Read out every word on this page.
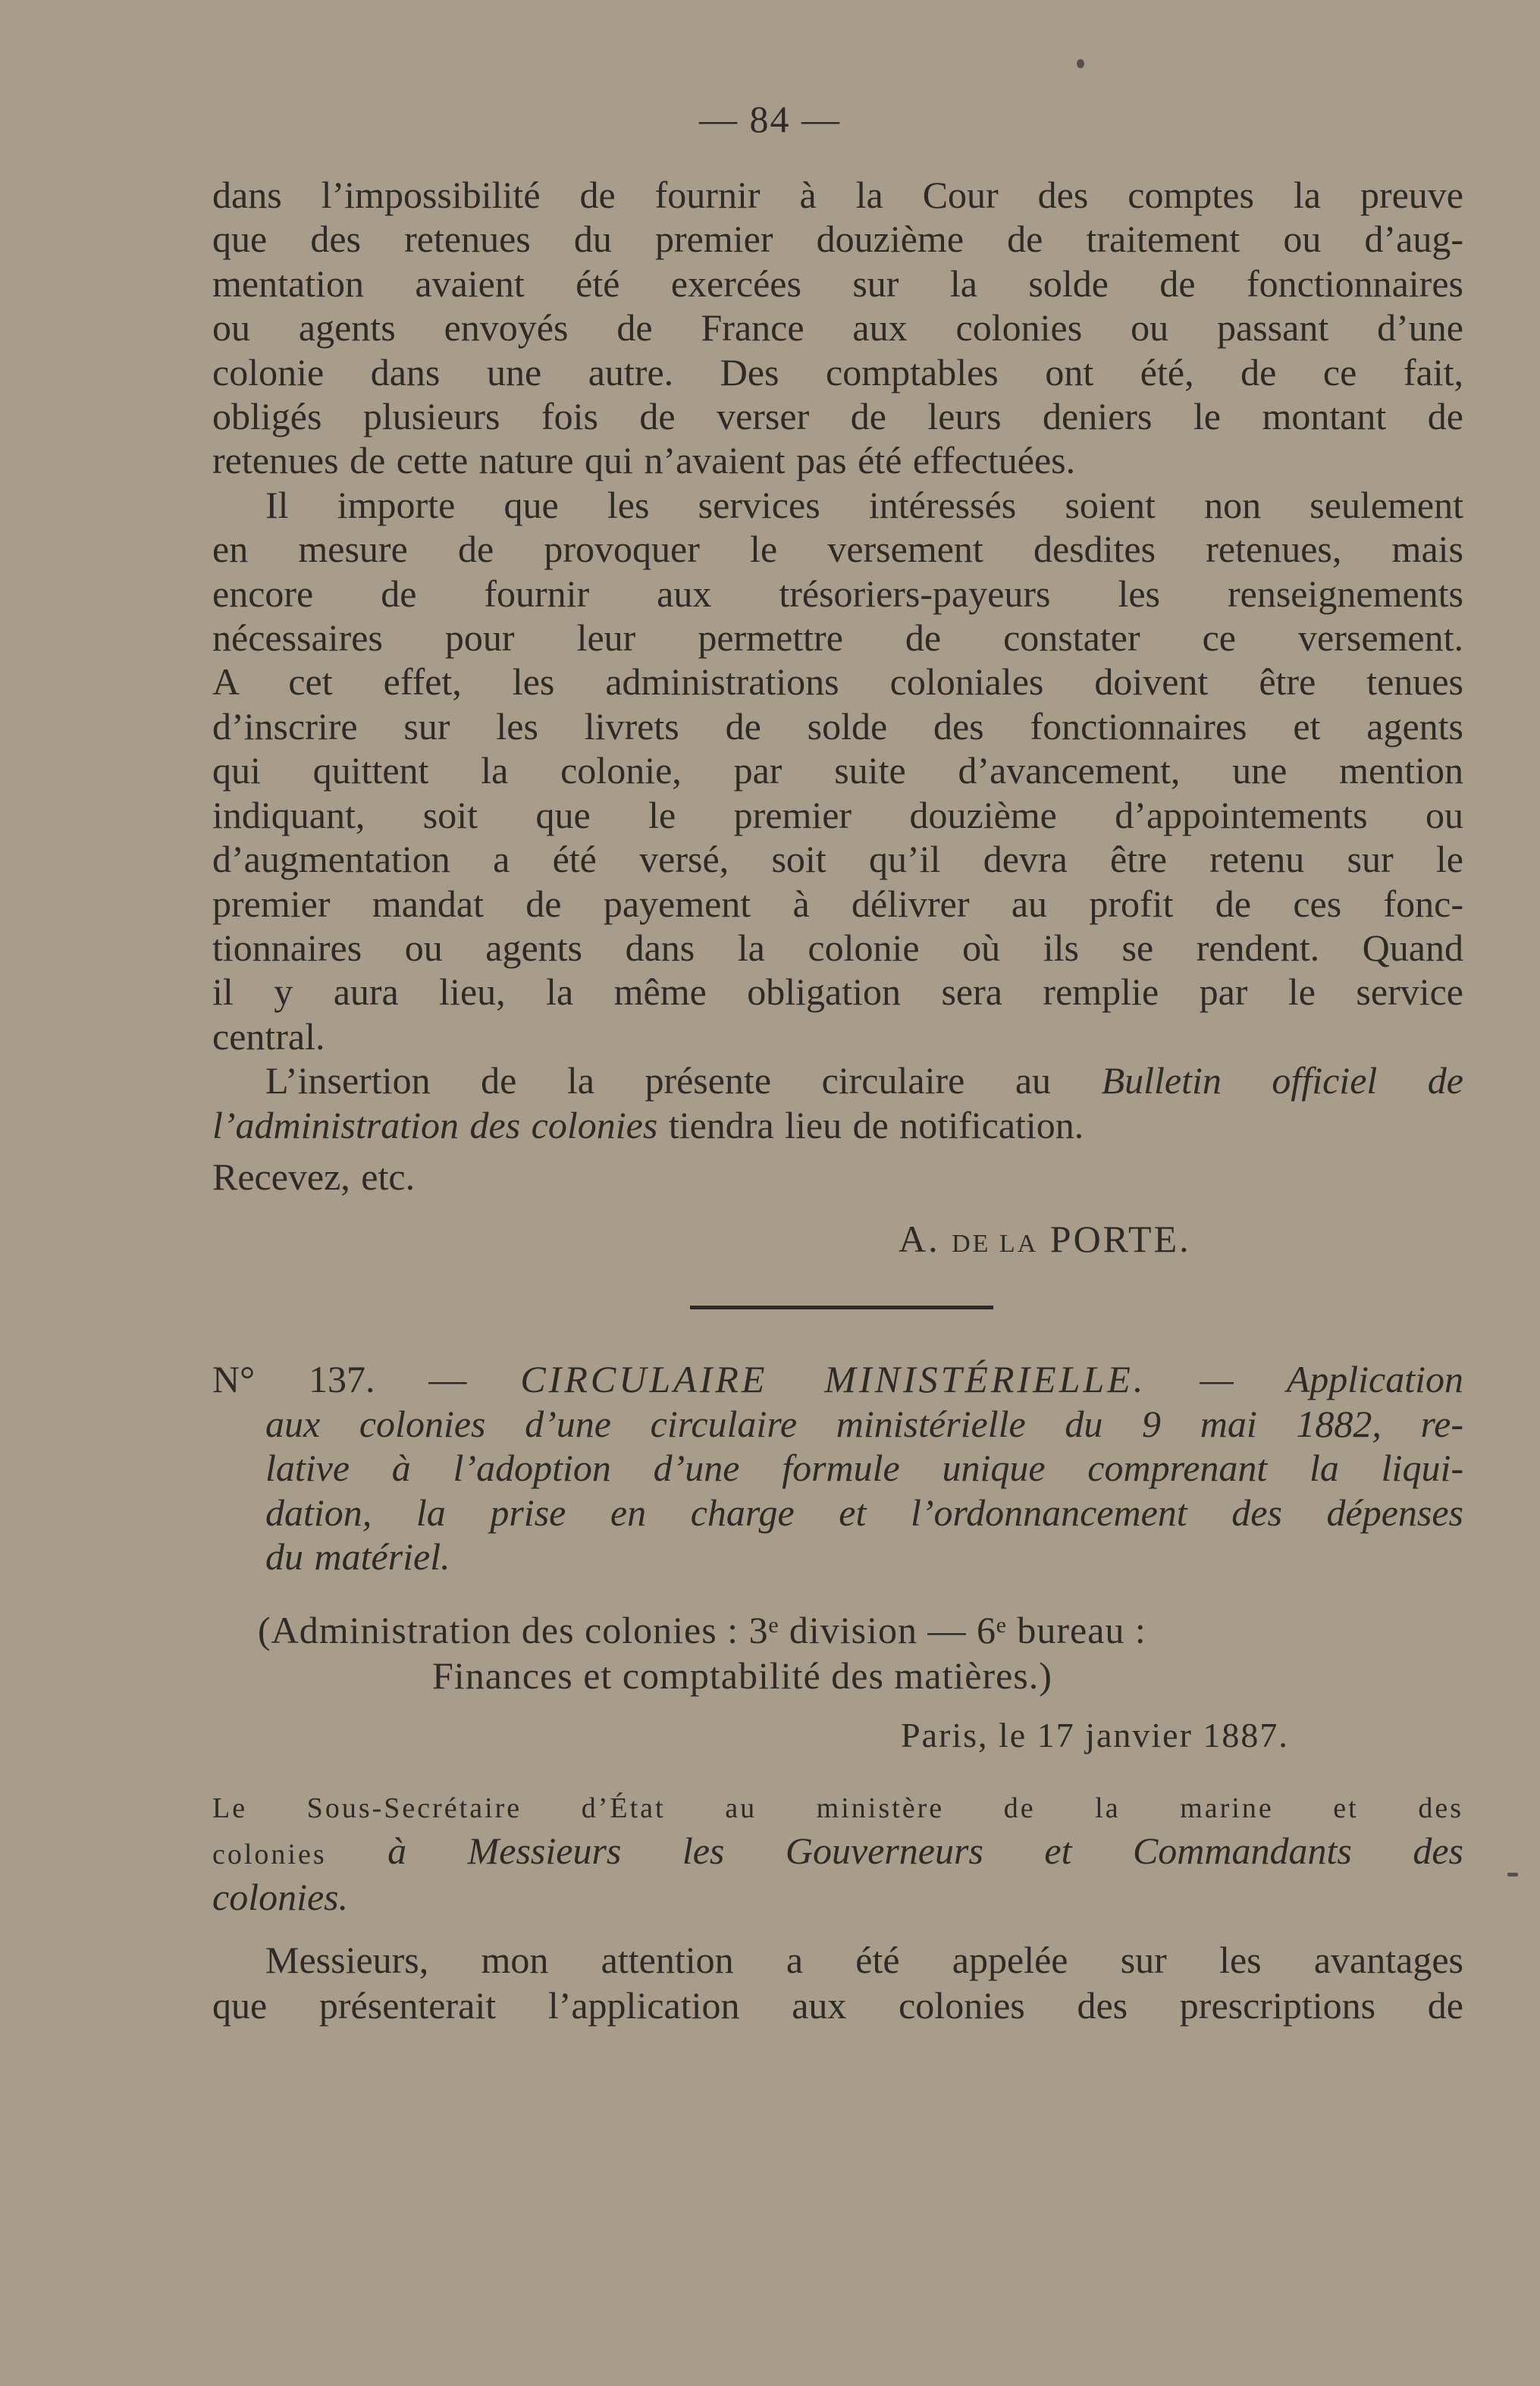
— 84 —
dans l’impossibilité de fournir à la Cour des comptes la preuve
que des retenues du premier douzième de traitement ou d’aug-
mentation avaient été exercées sur la solde de fonctionnaires
ou agents envoyés de France aux colonies ou passant d’une
colonie dans une autre. Des comptables ont été, de ce fait,
obligés plusieurs fois de verser de leurs deniers le montant de
retenues de cette nature qui n’avaient pas été effectuées.
Il importe que les services intéressés soient non seulement
en mesure de provoquer le versement desdites retenues, mais
encore de fournir aux trésoriers-payeurs les renseignements
nécessaires pour leur permettre de constater ce versement.
A cet effet, les administrations coloniales doivent être tenues
d’inscrire sur les livrets de solde des fonctionnaires et agents
qui quittent la colonie, par suite d’avancement, une mention
indiquant, soit que le premier douzième d’appointements ou
d’augmentation a été versé, soit qu’il devra être retenu sur le
premier mandat de payement à délivrer au profit de ces fonc-
tionnaires ou agents dans la colonie où ils se rendent. Quand
il y aura lieu, la même obligation sera remplie par le service
central.
L’insertion de la présente circulaire au Bulletin officiel de
l’administration des colonies tiendra lieu de notification.
Recevez, etc.
A. DE LA PORTE.
N° 137. — CIRCULAIRE MINISTÉRIELLE. — Application
aux colonies d’une circulaire ministérielle du 9 mai 1882, re-
lative à l’adoption d’une formule unique comprenant la liqui-
dation, la prise en charge et l’ordonnancement des dépenses
du matériel.
(Administration des colonies : 3ᵉ division — 6ᵉ bureau :
Finances et comptabilité des matières.)
Paris, le 17 janvier 1887.
Le Sous-Secrétaire d’État au ministère de la marine et des
colonies à Messieurs les Gouverneurs et Commandants des
colonies.
Messieurs, mon attention a été appelée sur les avantages
que présenterait l’application aux colonies des prescriptions de
